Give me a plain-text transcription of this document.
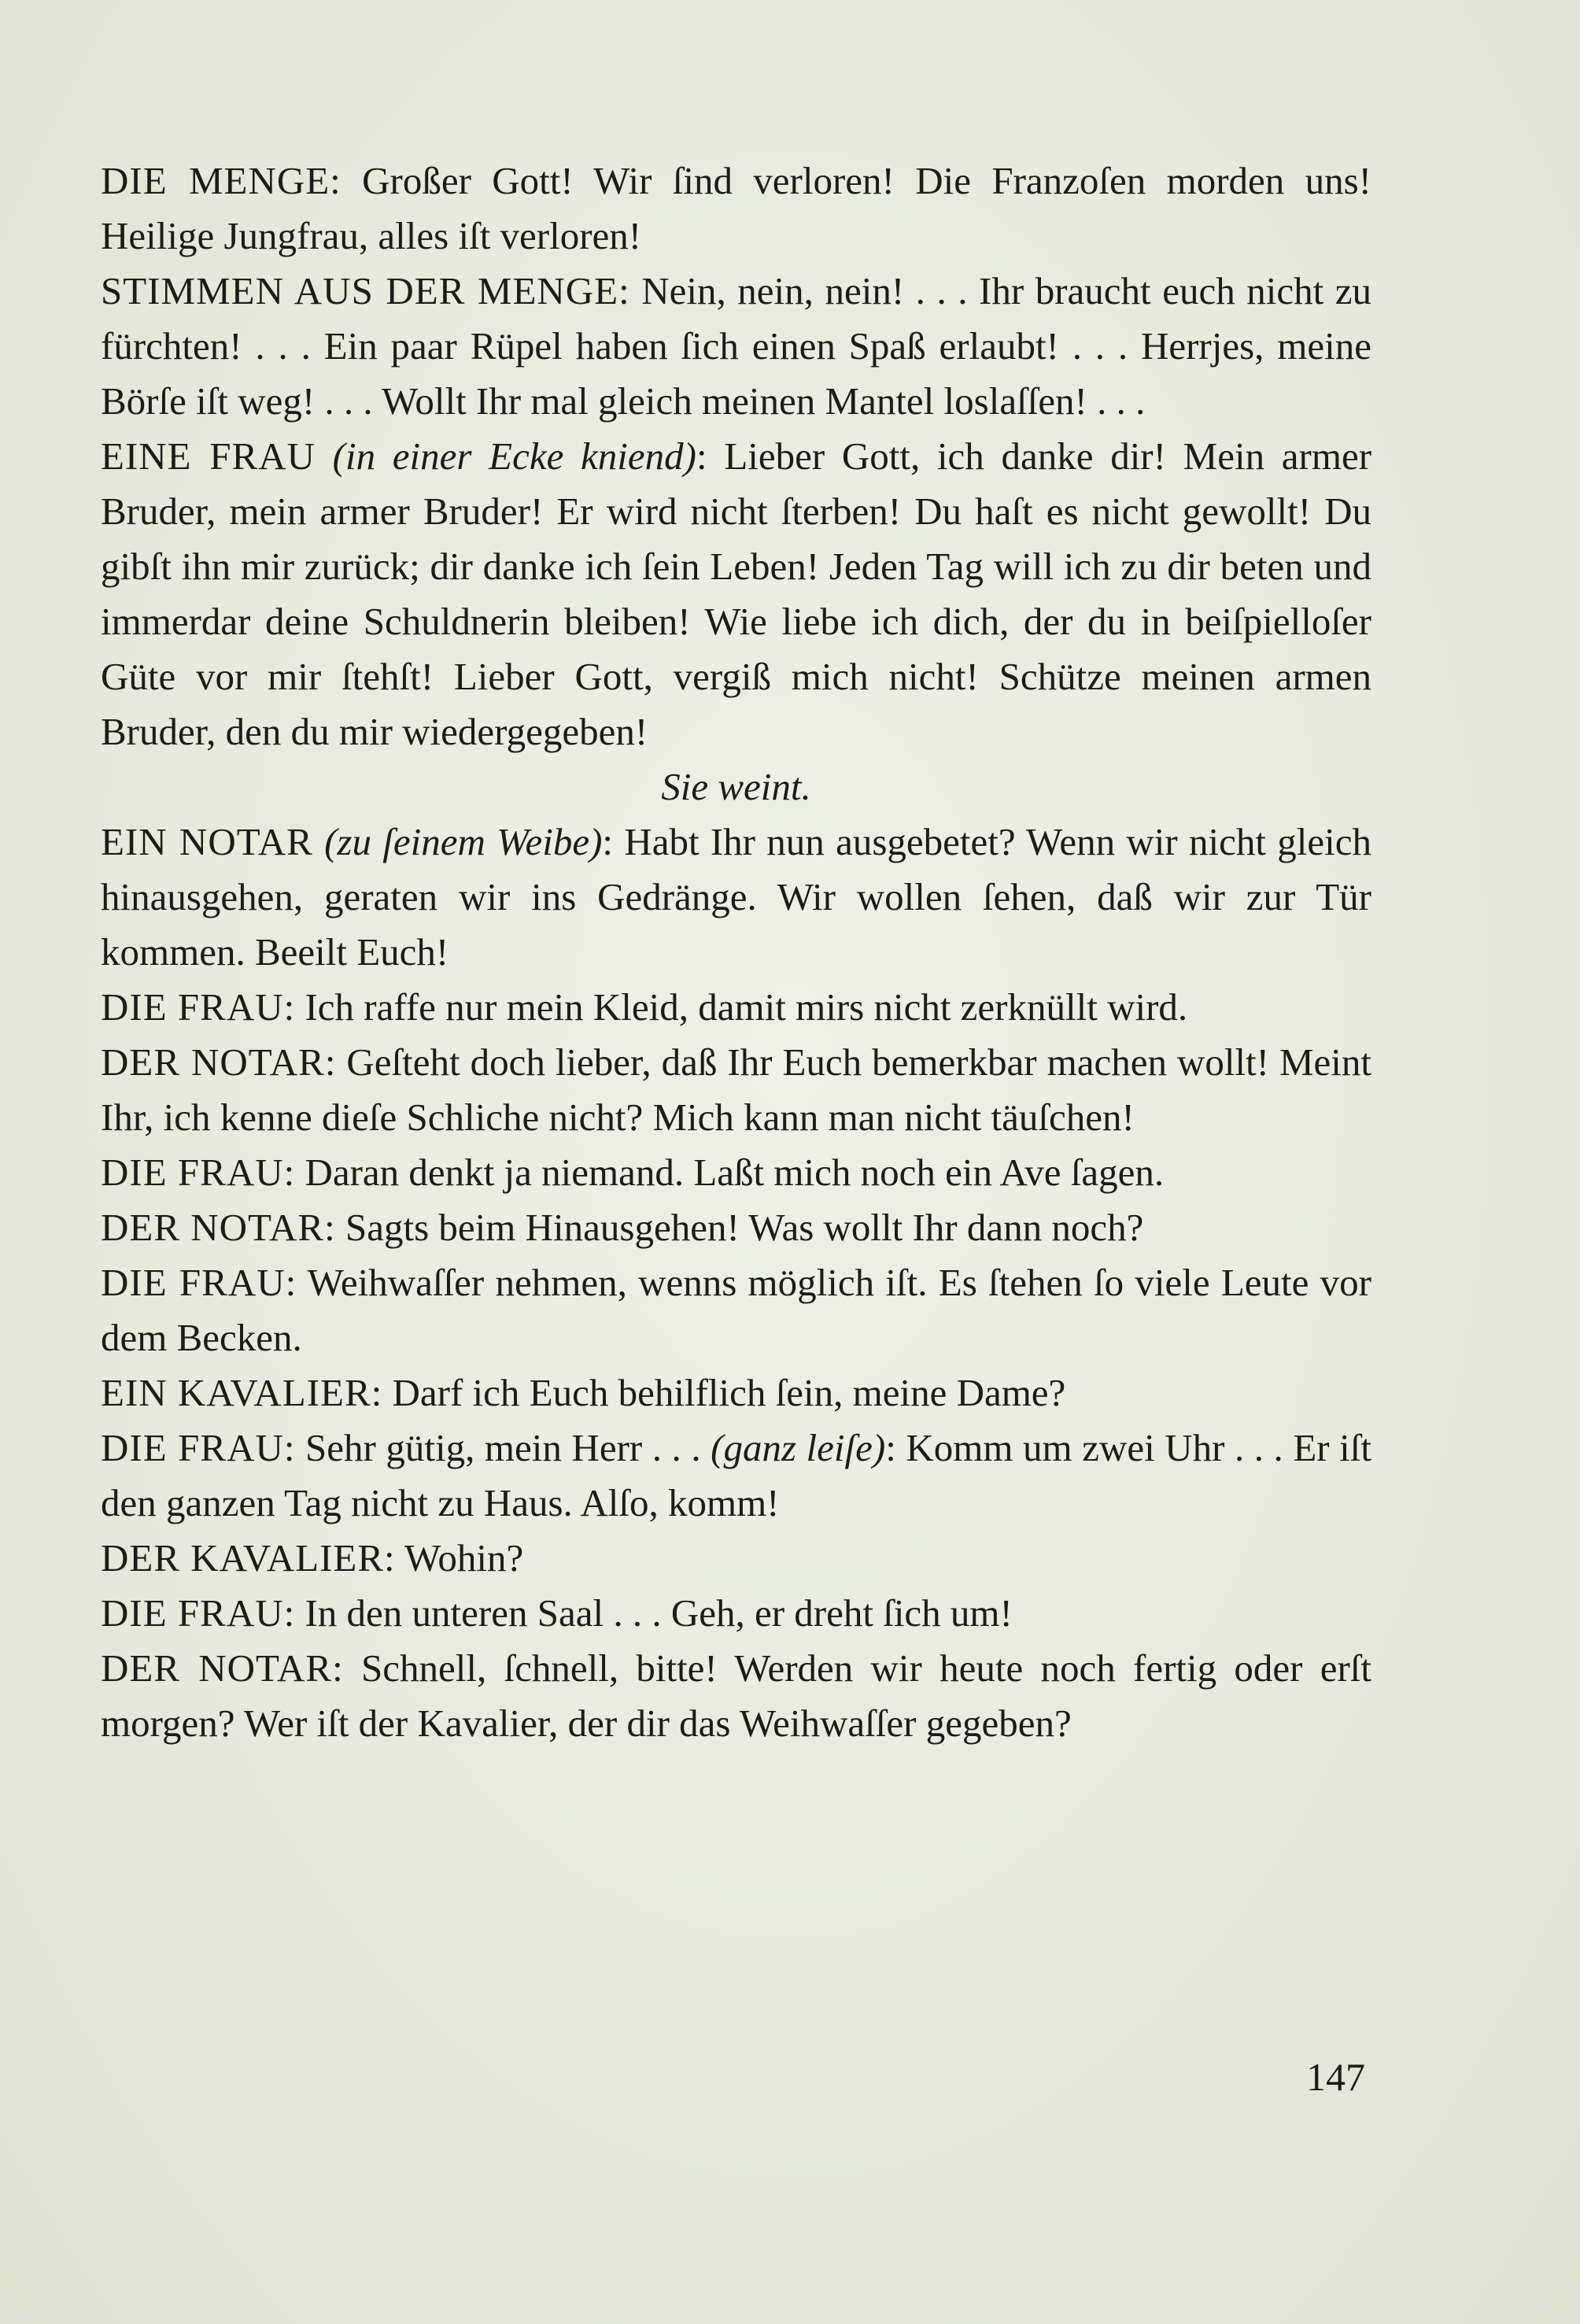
DIE MENGE: Großer Gott! Wir ſind verloren! Die Franzoſen morden uns! Heilige Jungfrau, alles iſt verloren!

STIMMEN AUS DER MENGE: Nein, nein, nein! . . . Ihr braucht euch nicht zu fürchten! . . . Ein paar Rüpel haben ſich einen Spaß erlaubt! . . . Herrjes, meine Börſe iſt weg! . . . Wollt Ihr mal gleich meinen Mantel loslaſſen! . . .

EINE FRAU (in einer Ecke kniend): Lieber Gott, ich danke dir! Mein armer Bruder, mein armer Bruder! Er wird nicht ſterben! Du haſt es nicht gewollt! Du gibſt ihn mir zurück; dir danke ich ſein Leben! Jeden Tag will ich zu dir beten und immerdar deine Schuldnerin bleiben! Wie liebe ich dich, der du in beiſpielloſer Güte vor mir ſtehſt! Lieber Gott, vergiß mich nicht! Schütze meinen armen Bruder, den du mir wiedergegeben!

Sie weint.

EIN NOTAR (zu ſeinem Weibe): Habt Ihr nun ausgebetet? Wenn wir nicht gleich hinausgehen, geraten wir ins Gedränge. Wir wollen ſehen, daß wir zur Tür kommen. Beeilt Euch!

DIE FRAU: Ich raffe nur mein Kleid, damit mirs nicht zerknüllt wird.

DER NOTAR: Geſteht doch lieber, daß Ihr Euch bemerkbar machen wollt! Meint Ihr, ich kenne dieſe Schliche nicht? Mich kann man nicht täuſchen!

DIE FRAU: Daran denkt ja niemand. Laßt mich noch ein Ave ſagen.

DER NOTAR: Sagts beim Hinausgehen! Was wollt Ihr dann noch?

DIE FRAU: Weihwaſſer nehmen, wenns möglich iſt. Es ſtehen ſo viele Leute vor dem Becken.

EIN KAVALIER: Darf ich Euch behilflich ſein, meine Dame?

DIE FRAU: Sehr gütig, mein Herr . . . (ganz leiſe): Komm um zwei Uhr . . . Er iſt den ganzen Tag nicht zu Haus. Alſo, komm!

DER KAVALIER: Wohin?

DIE FRAU: In den unteren Saal . . . Geh, er dreht ſich um!

DER NOTAR: Schnell, ſchnell, bitte! Werden wir heute noch fertig oder erſt morgen? Wer iſt der Kavalier, der dir das Weihwaſſer gegeben?

147
